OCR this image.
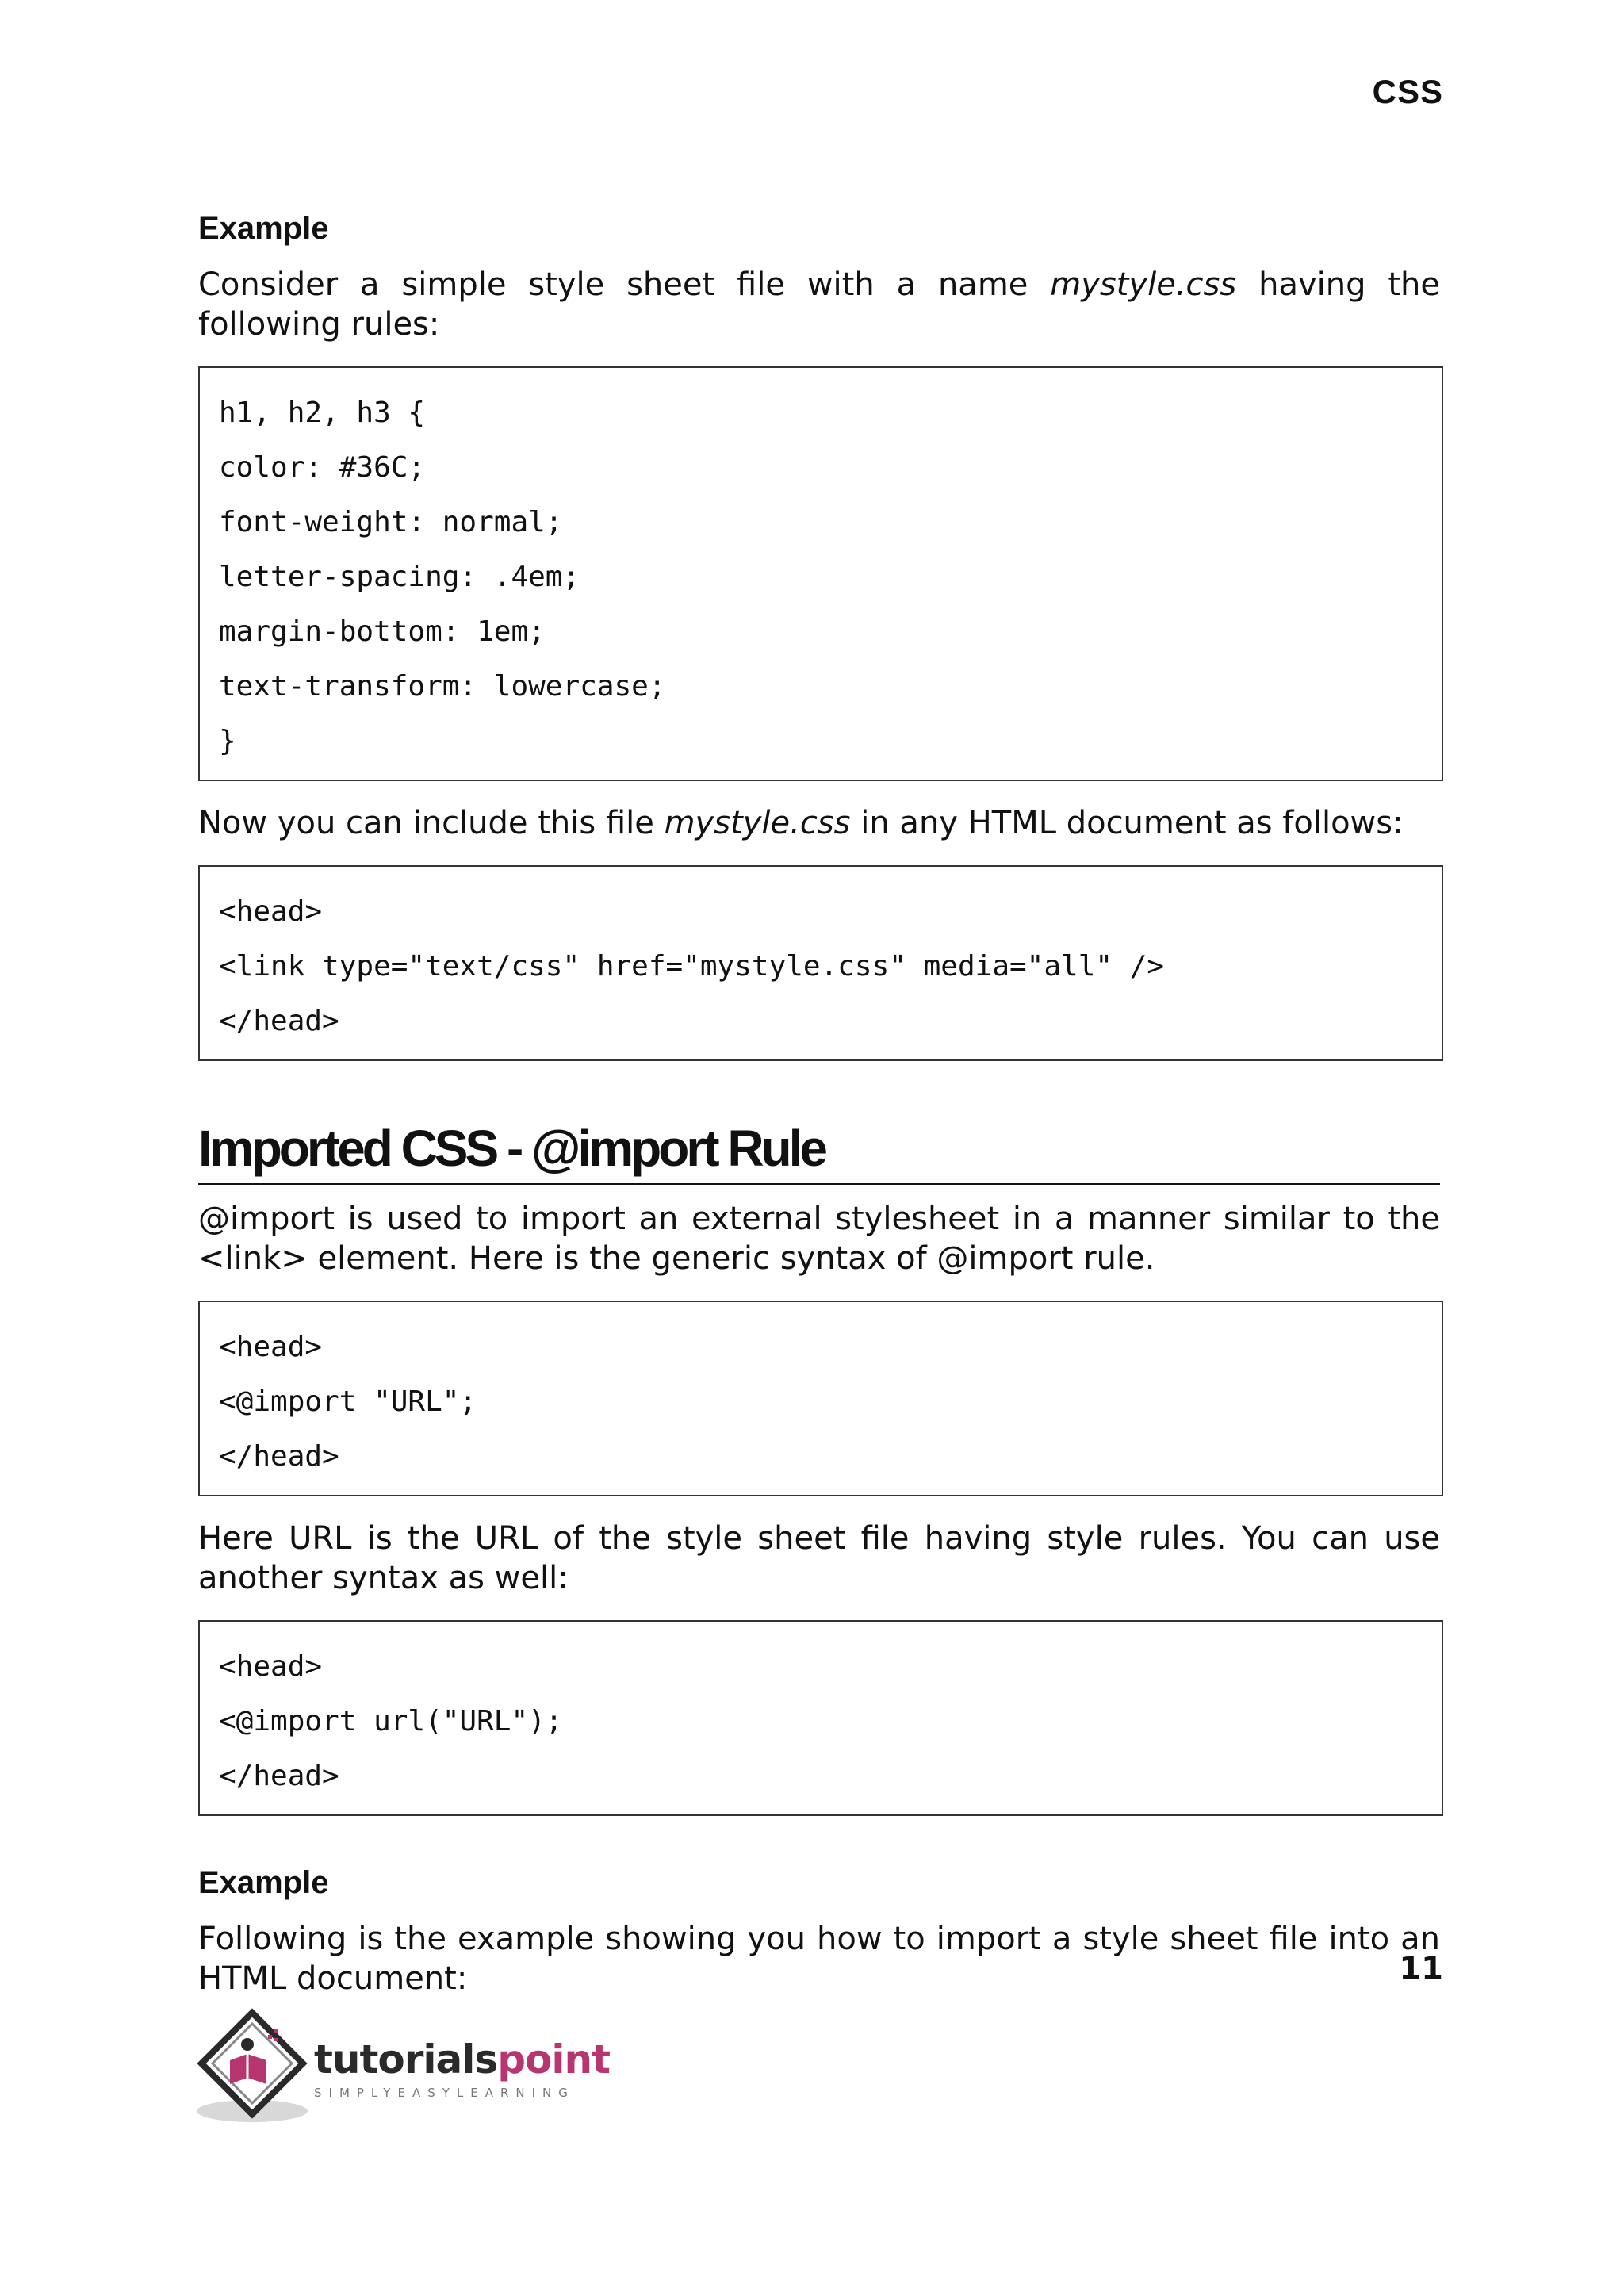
CSS
Example

Consider a simple style sheet file with a name mystyle.css having the following rules:

h1, h2, h3 {
color: #36C;
font-weight: normal;
letter-spacing: .4em;
margin-bottom: 1em;
text-transform: lowercase;
}

Now you can include this file mystyle.css in any HTML document as follows:

<head>
<link type="text/css" href="mystyle.css" media="all" />
</head>
Imported CSS - @import Rule

@import is used to import an external stylesheet in a manner similar to the <link> element. Here is the generic syntax of @import rule.

<head>
<@import "URL";
</head>

Here URL is the URL of the style sheet file having style rules. You can use another syntax as well:

<head>
<@import url("URL");
</head>
Example

Following is the example showing you how to import a style sheet file into an HTML document:	11
tutorialspoint
SIMPLYEASYLEARNING
